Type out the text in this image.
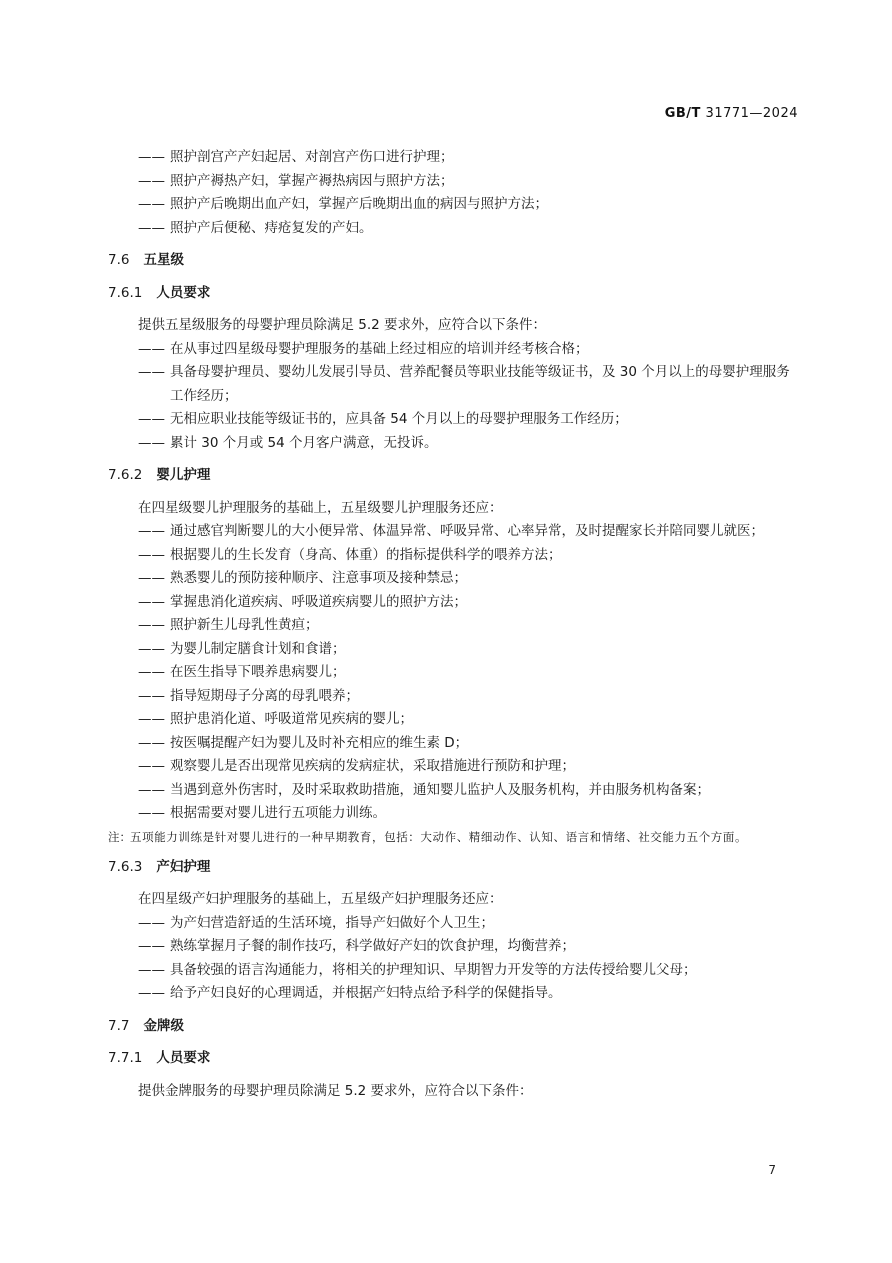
GB/T 31771—2024
—— 照护剖宫产产妇起居、对剖宫产伤口进行护理；
—— 照护产褥热产妇，掌握产褥热病因与照护方法；
—— 照护产后晚期出血产妇，掌握产后晚期出血的病因与照护方法；
—— 照护产后便秘、痔疮复发的产妇。
7.6 五星级
7.6.1 人员要求
提供五星级服务的母婴护理员除满足 5.2 要求外，应符合以下条件：
—— 在从事过四星级母婴护理服务的基础上经过相应的培训并经考核合格；
—— 具备母婴护理员、婴幼儿发展引导员、营养配餐员等职业技能等级证书，及 30 个月以上的母婴护理服务工作经历；
—— 无相应职业技能等级证书的，应具备 54 个月以上的母婴护理服务工作经历；
—— 累计 30 个月或 54 个月客户满意，无投诉。
7.6.2 婴儿护理
在四星级婴儿护理服务的基础上，五星级婴儿护理服务还应：
—— 通过感官判断婴儿的大小便异常、体温异常、呼吸异常、心率异常，及时提醒家长并陪同婴儿就医；
—— 根据婴儿的生长发育（身高、体重）的指标提供科学的喂养方法；
—— 熟悉婴儿的预防接种顺序、注意事项及接种禁忌；
—— 掌握患消化道疾病、呼吸道疾病婴儿的照护方法；
—— 照护新生儿母乳性黄疸；
—— 为婴儿制定膳食计划和食谱；
—— 在医生指导下喂养患病婴儿；
—— 指导短期母子分离的母乳喂养；
—— 照护患消化道、呼吸道常见疾病的婴儿；
—— 按医嘱提醒产妇为婴儿及时补充相应的维生素 D；
—— 观察婴儿是否出现常见疾病的发病症状，采取措施进行预防和护理；
—— 当遇到意外伤害时，及时采取救助措施，通知婴儿监护人及服务机构，并由服务机构备案；
—— 根据需要对婴儿进行五项能力训练。
注： 五项能力训练是针对婴儿进行的一种早期教育，包括：大动作、精细动作、认知、语言和情绪、社交能力五个方面。
7.6.3 产妇护理
在四星级产妇护理服务的基础上，五星级产妇护理服务还应：
—— 为产妇营造舒适的生活环境，指导产妇做好个人卫生；
—— 熟练掌握月子餐的制作技巧，科学做好产妇的饮食护理，均衡营养；
—— 具备较强的语言沟通能力，将相关的护理知识、早期智力开发等的方法传授给婴儿父母；
—— 给予产妇良好的心理调适，并根据产妇特点给予科学的保健指导。
7.7 金牌级
7.7.1 人员要求
提供金牌服务的母婴护理员除满足 5.2 要求外，应符合以下条件：
7
